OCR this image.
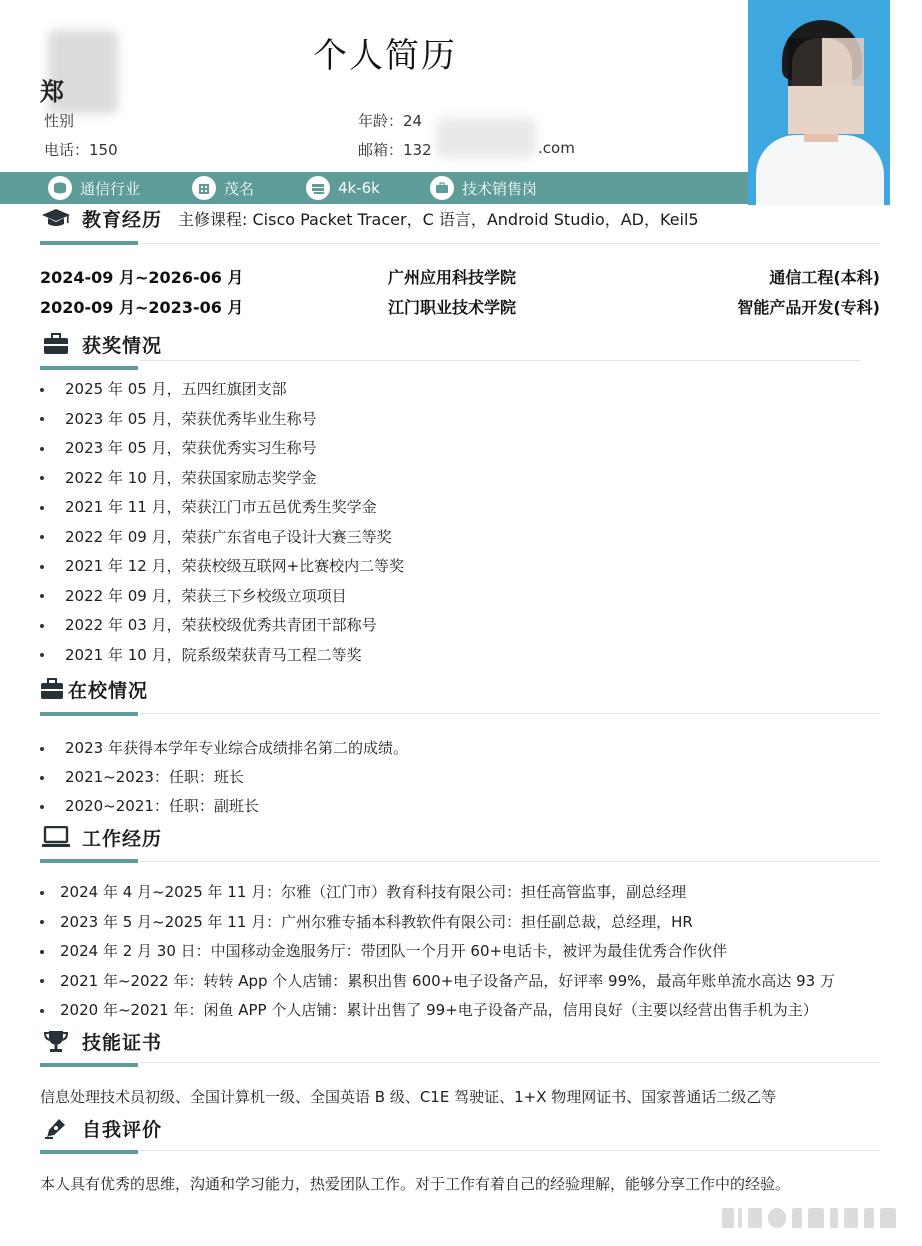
个人简历
郑
性别
电话：150
年龄：24
邮箱：132	.com
通信行业	茂名	4k-6k	技术销售岗
教育经历 主修课程: Cisco Packet Tracer，C 语言，Android Studio，AD，Keil5
2024-09 月~2026-06 月	广州应用科技学院	通信工程(本科)
2020-09 月~2023-06 月	江门职业技术学院	智能产品开发(专科)
获奖情况
2025 年 05 月，五四红旗团支部
2023 年 05 月，荣获优秀毕业生称号
2023 年 05 月，荣获优秀实习生称号
2022 年 10 月，荣获国家励志奖学金
2021 年 11 月，荣获江门市五邑优秀生奖学金
2022 年 09 月，荣获广东省电子设计大赛三等奖
2021 年 12 月，荣获校级互联网+比赛校内二等奖
2022 年 09 月，荣获三下乡校级立项项目
2022 年 03 月，荣获校级优秀共青团干部称号
2021 年 10 月，院系级荣获青马工程二等奖
在校情况
2023 年获得本学年专业综合成绩排名第二的成绩。
2021~2023：任职：班长
2020~2021：任职：副班长
工作经历
2024 年 4 月~2025 年 11 月：尔雅（江门市）教育科技有限公司：担任高管监事，副总经理
2023 年 5 月~2025 年 11 月：广州尔雅专插本科教软件有限公司：担任副总裁，总经理，HR
2024 年 2 月 30 日：中国移动金逸服务厅：带团队一个月开 60+电话卡，被评为最佳优秀合作伙伴
2021 年~2022 年：转转 App 个人店铺：累积出售 600+电子设备产品，好评率 99%，最高年账单流水高达 93 万
2020 年~2021 年：闲鱼 APP 个人店铺：累计出售了 99+电子设备产品，信用良好（主要以经营出售手机为主）
技能证书
信息处理技术员初级、全国计算机一级、全国英语 B 级、C1E 驾驶证、1+X 物理网证书、国家普通话二级乙等
自我评价
本人具有优秀的思维，沟通和学习能力，热爱团队工作。对于工作有着自己的经验理解，能够分享工作中的经验。
